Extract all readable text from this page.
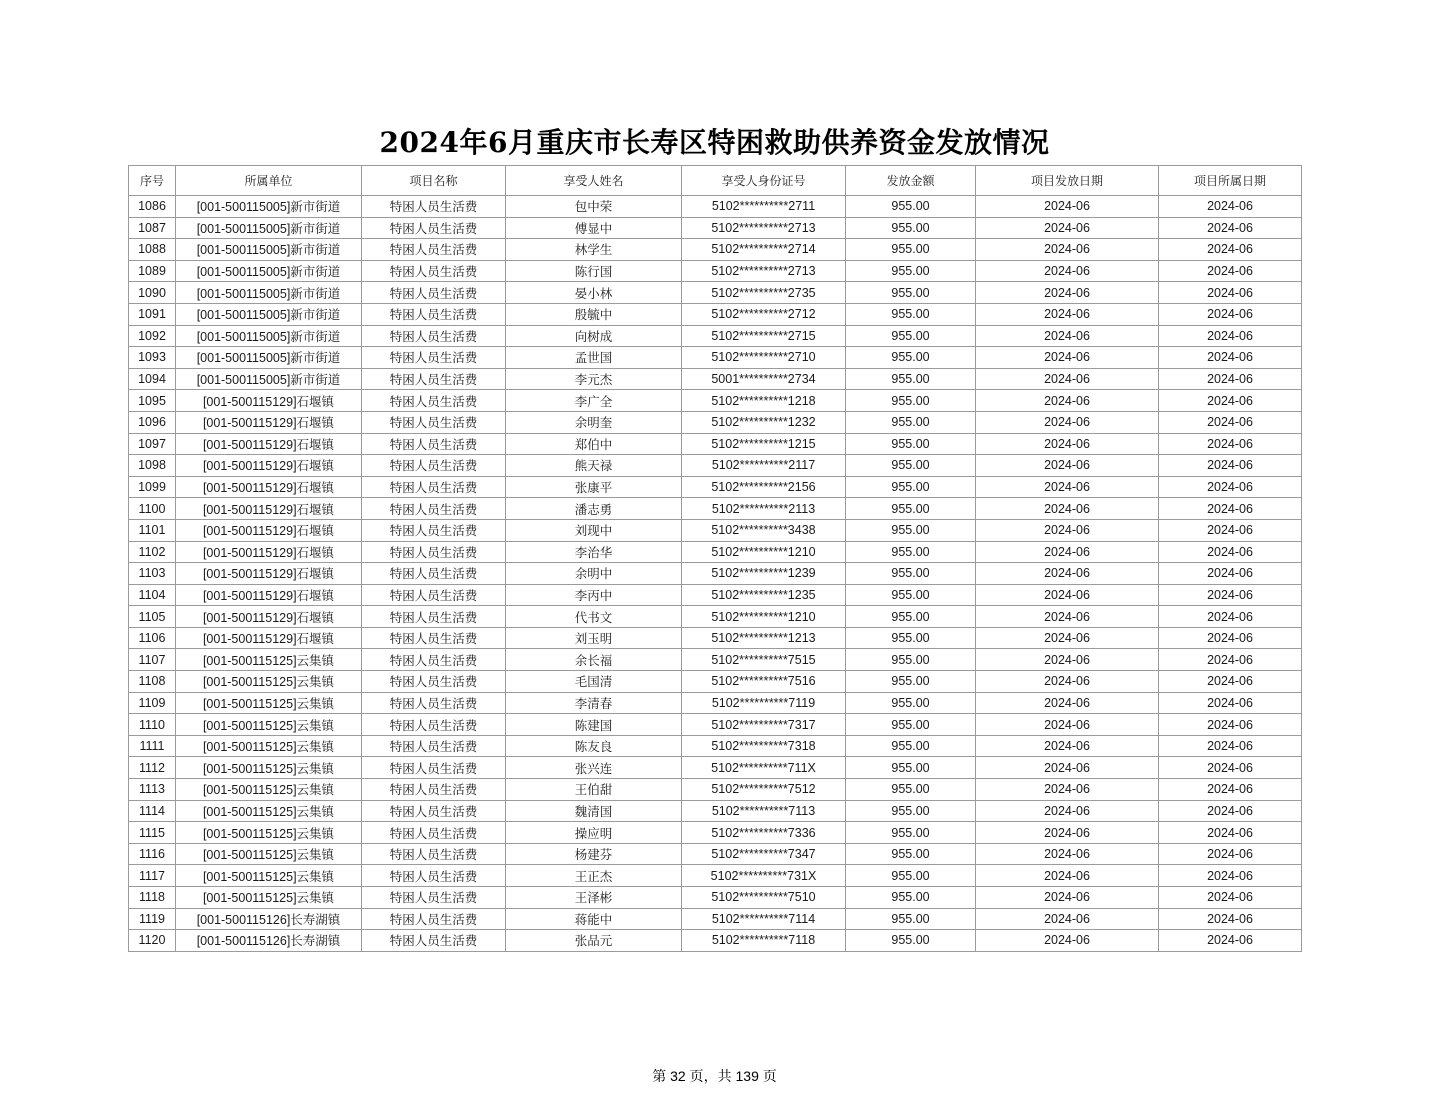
2024年6月重庆市长寿区特困救助供养资金发放情况
序号	所属单位	项目名称	享受人姓名	享受人身份证号	发放金额	项目发放日期	项目所属日期
1086	[001-500115005]新市街道	特困人员生活费	包中荣	5102**********2711	955.00	2024-06	2024-06
1087	[001-500115005]新市街道	特困人员生活费	傅显中	5102**********2713	955.00	2024-06	2024-06
1088	[001-500115005]新市街道	特困人员生活费	林学生	5102**********2714	955.00	2024-06	2024-06
1089	[001-500115005]新市街道	特困人员生活费	陈行国	5102**********2713	955.00	2024-06	2024-06
1090	[001-500115005]新市街道	特困人员生活费	晏小林	5102**********2735	955.00	2024-06	2024-06
1091	[001-500115005]新市街道	特困人员生活费	殷毓中	5102**********2712	955.00	2024-06	2024-06
1092	[001-500115005]新市街道	特困人员生活费	向树成	5102**********2715	955.00	2024-06	2024-06
1093	[001-500115005]新市街道	特困人员生活费	孟世国	5102**********2710	955.00	2024-06	2024-06
1094	[001-500115005]新市街道	特困人员生活费	李元杰	5001**********2734	955.00	2024-06	2024-06
1095	[001-500115129]石堰镇	特困人员生活费	李广全	5102**********1218	955.00	2024-06	2024-06
1096	[001-500115129]石堰镇	特困人员生活费	余明奎	5102**********1232	955.00	2024-06	2024-06
1097	[001-500115129]石堰镇	特困人员生活费	郑伯中	5102**********1215	955.00	2024-06	2024-06
1098	[001-500115129]石堰镇	特困人员生活费	熊天禄	5102**********2117	955.00	2024-06	2024-06
1099	[001-500115129]石堰镇	特困人员生活费	张康平	5102**********2156	955.00	2024-06	2024-06
1100	[001-500115129]石堰镇	特困人员生活费	潘志勇	5102**********2113	955.00	2024-06	2024-06
1101	[001-500115129]石堰镇	特困人员生活费	刘现中	5102**********3438	955.00	2024-06	2024-06
1102	[001-500115129]石堰镇	特困人员生活费	李治华	5102**********1210	955.00	2024-06	2024-06
1103	[001-500115129]石堰镇	特困人员生活费	余明中	5102**********1239	955.00	2024-06	2024-06
1104	[001-500115129]石堰镇	特困人员生活费	李丙中	5102**********1235	955.00	2024-06	2024-06
1105	[001-500115129]石堰镇	特困人员生活费	代书文	5102**********1210	955.00	2024-06	2024-06
1106	[001-500115129]石堰镇	特困人员生活费	刘玉明	5102**********1213	955.00	2024-06	2024-06
1107	[001-500115125]云集镇	特困人员生活费	余长福	5102**********7515	955.00	2024-06	2024-06
1108	[001-500115125]云集镇	特困人员生活费	毛国清	5102**********7516	955.00	2024-06	2024-06
1109	[001-500115125]云集镇	特困人员生活费	李清春	5102**********7119	955.00	2024-06	2024-06
1110	[001-500115125]云集镇	特困人员生活费	陈建国	5102**********7317	955.00	2024-06	2024-06
1111	[001-500115125]云集镇	特困人员生活费	陈友良	5102**********7318	955.00	2024-06	2024-06
1112	[001-500115125]云集镇	特困人员生活费	张兴连	5102**********711X	955.00	2024-06	2024-06
1113	[001-500115125]云集镇	特困人员生活费	王伯甜	5102**********7512	955.00	2024-06	2024-06
1114	[001-500115125]云集镇	特困人员生活费	魏清国	5102**********7113	955.00	2024-06	2024-06
1115	[001-500115125]云集镇	特困人员生活费	操应明	5102**********7336	955.00	2024-06	2024-06
1116	[001-500115125]云集镇	特困人员生活费	杨建芬	5102**********7347	955.00	2024-06	2024-06
1117	[001-500115125]云集镇	特困人员生活费	王正杰	5102**********731X	955.00	2024-06	2024-06
1118	[001-500115125]云集镇	特困人员生活费	王泽彬	5102**********7510	955.00	2024-06	2024-06
1119	[001-500115126]长寿湖镇	特困人员生活费	蒋能中	5102**********7114	955.00	2024-06	2024-06
1120	[001-500115126]长寿湖镇	特困人员生活费	张品元	5102**********7118	955.00	2024-06	2024-06
第 32 页，共 139 页
